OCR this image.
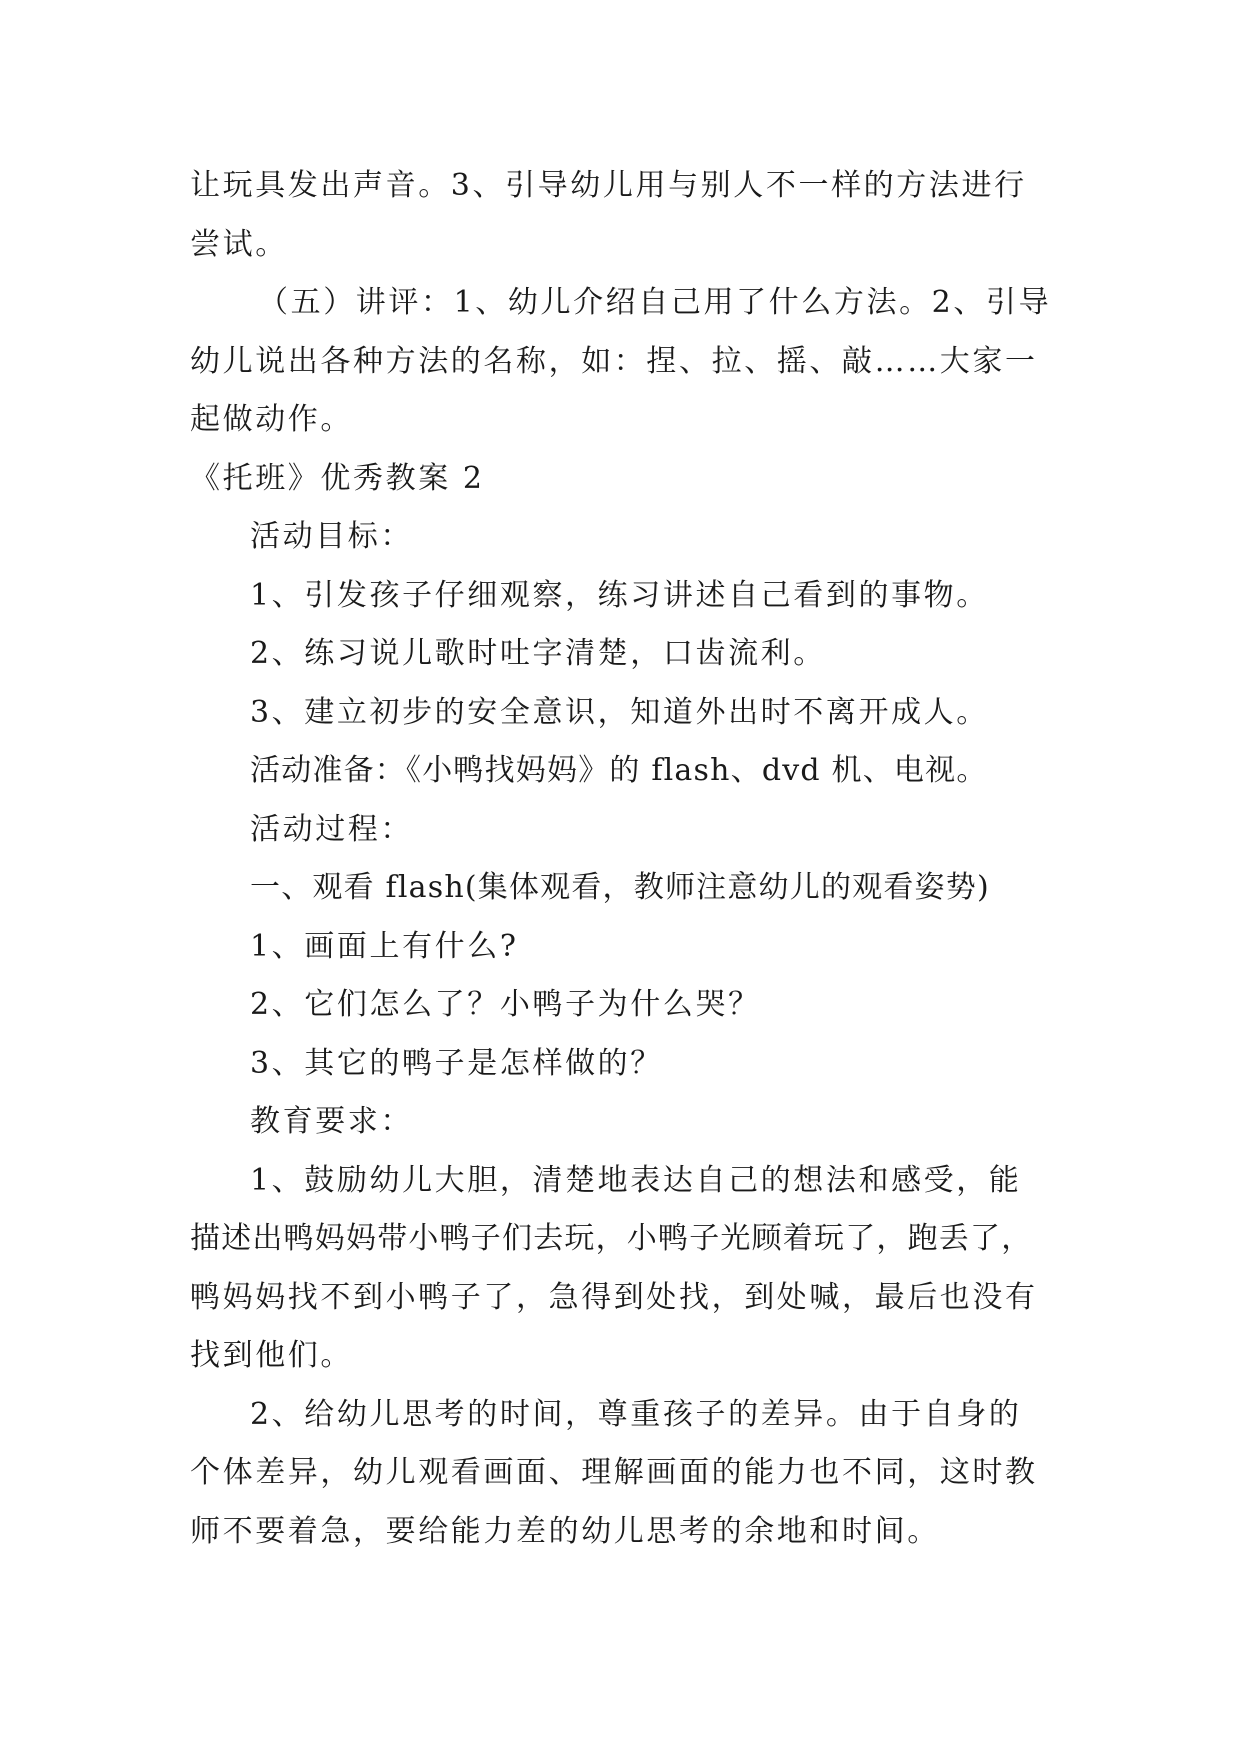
让玩具发出声音。3、引导幼儿用与别人不一样的方法进行

尝试。

（五）讲评：1、幼儿介绍自己用了什么方法。2、引导

幼儿说出各种方法的名称，如：捏、拉、摇、敲……大家一

起做动作。

《托班》优秀教案 2

活动目标：

1、引发孩子仔细观察，练习讲述自己看到的事物。

2、练习说儿歌时吐字清楚，口齿流利。

3、建立初步的安全意识，知道外出时不离开成人。

活动准备：《小鸭找妈妈》的 flash、dvd 机、电视。

活动过程：

一、观看 flash(集体观看，教师注意幼儿的观看姿势)

1、画面上有什么?

2、它们怎么了？小鸭子为什么哭？

3、其它的鸭子是怎样做的？

教育要求：

1、鼓励幼儿大胆，清楚地表达自己的想法和感受，能

描述出鸭妈妈带小鸭子们去玩，小鸭子光顾着玩了，跑丢了，

鸭妈妈找不到小鸭子了，急得到处找，到处喊，最后也没有

找到他们。

2、给幼儿思考的时间，尊重孩子的差异。由于自身的

个体差异，幼儿观看画面、理解画面的能力也不同，这时教

师不要着急，要给能力差的幼儿思考的余地和时间。
